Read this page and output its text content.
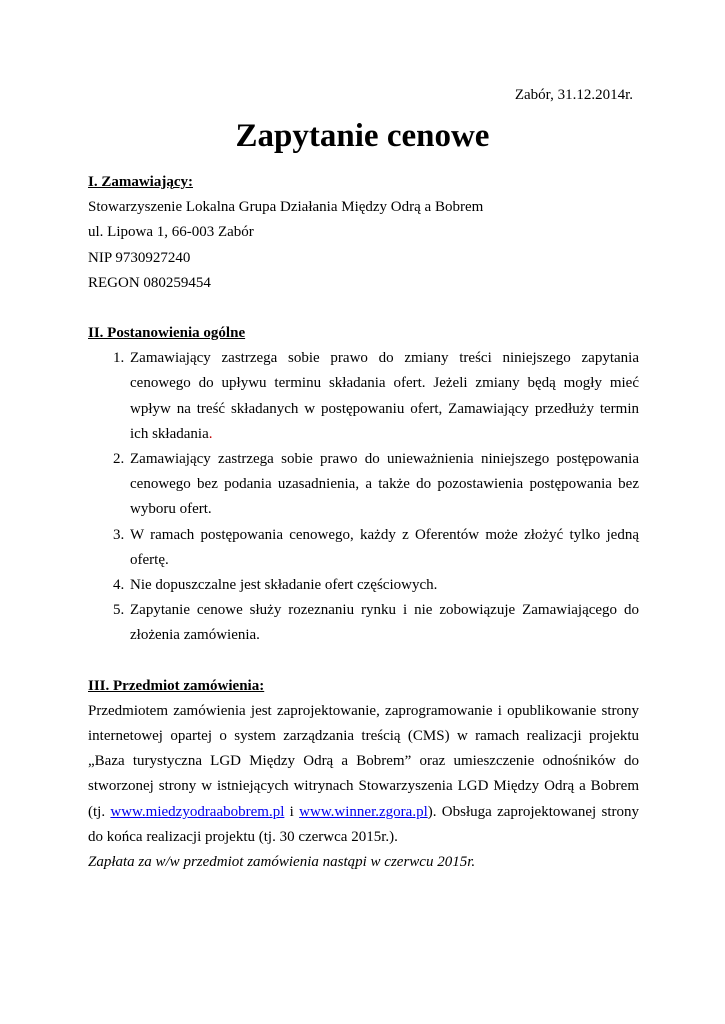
Zabór, 31.12.2014r.
Zapytanie cenowe

I. Zamawiający:

Stowarzyszenie Lokalna Grupa Działania Między Odrą a Bobrem

ul. Lipowa 1, 66-003 Zabór

NIP 9730927240

REGON 080259454

II. Postanowienia ogólne

1. Zamawiający zastrzega sobie prawo do zmiany treści niniejszego zapytania cenowego do upływu terminu składania ofert. Jeżeli zmiany będą mogły mieć wpływ na treść składanych w postępowaniu ofert, Zamawiający przedłuży termin ich składania.
2. Zamawiający zastrzega sobie prawo do unieważnienia niniejszego postępowania cenowego bez podania uzasadnienia, a także do pozostawienia postępowania bez wyboru ofert.
3. W ramach postępowania cenowego, każdy z Oferentów może złożyć tylko jedną ofertę.
4. Nie dopuszczalne jest składanie ofert częściowych.
5. Zapytanie cenowe służy rozeznaniu rynku i nie zobowiązuje Zamawiającego do złożenia zamówienia.

III. Przedmiot zamówienia:

Przedmiotem zamówienia jest zaprojektowanie, zaprogramowanie i opublikowanie strony internetowej opartej o system zarządzania treścią (CMS) w ramach realizacji projektu „Baza turystyczna LGD Między Odrą a Bobrem” oraz umieszczenie odnośników do stworzonej strony w istniejących witrynach Stowarzyszenia LGD Między Odrą a Bobrem (tj. www.miedzyodraabobrem.pl i www.winner.zgora.pl). Obsługa zaprojektowanej strony do końca realizacji projektu (tj. 30 czerwca 2015r.).

Zapłata za w/w przedmiot zamówienia nastąpi w czerwcu 2015r.
